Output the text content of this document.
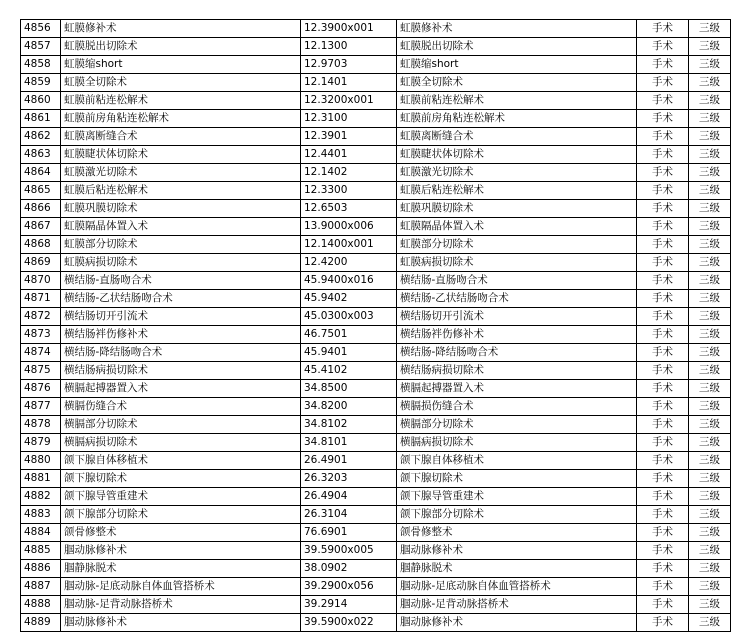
4856	虹膜修补术	12.3900x001	虹膜修补术	手术	三级
4857	虹膜脱出切除术	12.1300	虹膜脱出切除术	手术	三级
4858	虹膜缩short	12.9703	虹膜缩short	手术	三级
4859	虹膜全切除术	12.1401	虹膜全切除术	手术	三级
4860	虹膜前粘连松解术	12.3200x001	虹膜前粘连松解术	手术	三级
4861	虹膜前房角粘连松解术	12.3100	虹膜前房角粘连松解术	手术	三级
4862	虹膜离断缝合术	12.3901	虹膜离断缝合术	手术	三级
4863	虹膜睫状体切除术	12.4401	虹膜睫状体切除术	手术	三级
4864	虹膜激光切除术	12.1402	虹膜激光切除术	手术	三级
4865	虹膜后粘连松解术	12.3300	虹膜后粘连松解术	手术	三级
4866	虹膜巩膜切除术	12.6503	虹膜巩膜切除术	手术	三级
4867	虹膜隔晶体置入术	13.9000x006	虹膜隔晶体置入术	手术	三级
4868	虹膜部分切除术	12.1400x001	虹膜部分切除术	手术	三级
4869	虹膜病损切除术	12.4200	虹膜病损切除术	手术	三级
4870	横结肠-直肠吻合术	45.9400x016	横结肠-直肠吻合术	手术	三级
4871	横结肠-乙状结肠吻合术	45.9402	横结肠-乙状结肠吻合术	手术	三级
4872	横结肠切开引流术	45.0300x003	横结肠切开引流术	手术	三级
4873	横结肠袢伤修补术	46.7501	横结肠袢伤修补术	手术	三级
4874	横结肠-降结肠吻合术	45.9401	横结肠-降结肠吻合术	手术	三级
4875	横结肠病损切除术	45.4102	横结肠病损切除术	手术	三级
4876	横膈起搏器置入术	34.8500	横膈起搏器置入术	手术	三级
4877	横膈伤缝合术	34.8200	横膈损伤缝合术	手术	三级
4878	横膈部分切除术	34.8102	横膈部分切除术	手术	三级
4879	横膈病损切除术	34.8101	横膈病损切除术	手术	三级
4880	颌下腺自体移植术	26.4901	颌下腺自体移植术	手术	三级
4881	颌下腺切除术	26.3203	颌下腺切除术	手术	三级
4882	颌下腺导管重建术	26.4904	颌下腺导管重建术	手术	三级
4883	颌下腺部分切除术	26.3104	颌下腺部分切除术	手术	三级
4884	颌骨修整术	76.6901	颌骨修整术	手术	三级
4885	腘动脉修补术	39.5900x005	腘动脉修补术	手术	三级
4886	腘静脉脱术	38.0902	腘静脉脱术	手术	三级
4887	腘动脉-足底动脉自体血管搭桥术	39.2900x056	腘动脉-足底动脉自体血管搭桥术	手术	三级
4888	腘动脉-足背动脉搭桥术	39.2914	腘动脉-足背动脉搭桥术	手术	三级
4889	腘动脉修补术	39.5900x022	腘动脉修补术	手术	三级
